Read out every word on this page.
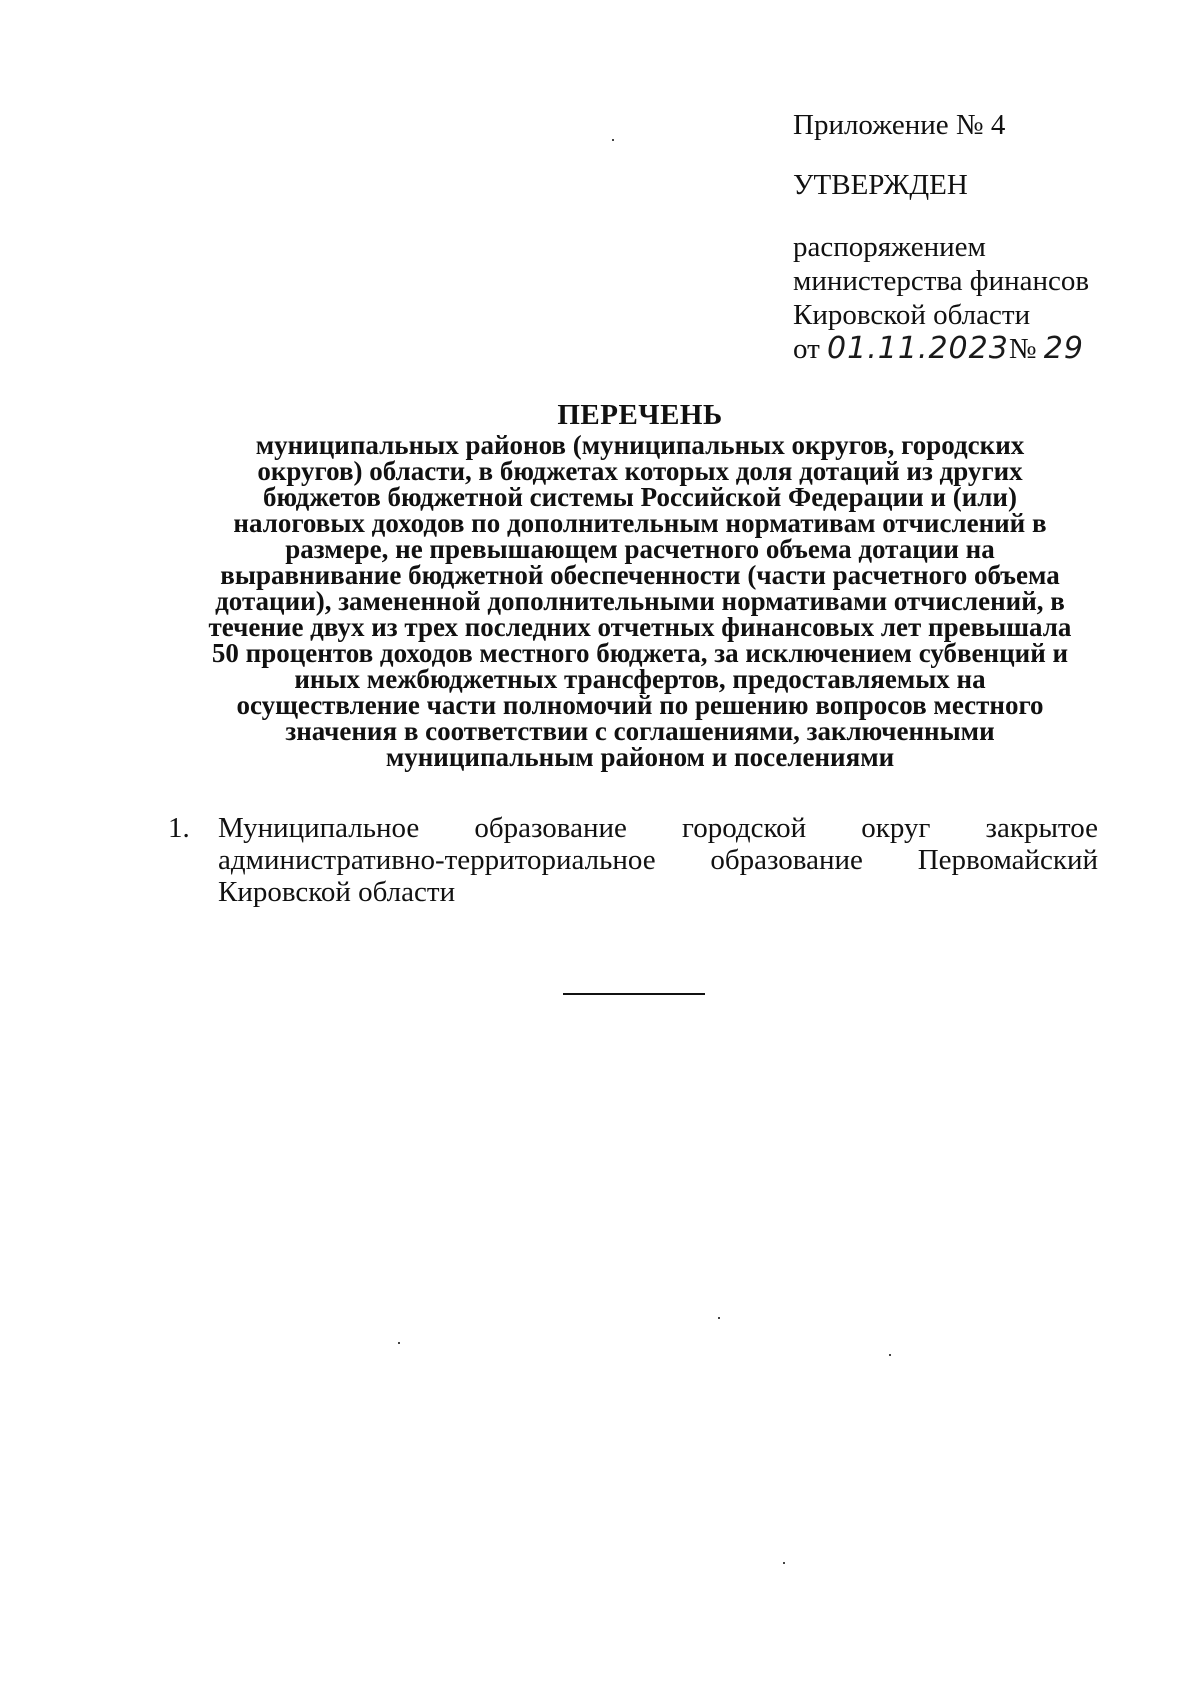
Приложение № 4
УТВЕРЖДЕН
распоряжением
министерства финансов
Кировской области
от 01.11.2023№ 29
ПЕРЕЧЕНЬ
муниципальных районов (муниципальных округов, городских
округов) области, в бюджетах которых доля дотаций из других
бюджетов бюджетной системы Российской Федерации и (или)
налоговых доходов по дополнительным нормативам отчислений в
размере, не превышающем расчетного объема дотации на
выравнивание бюджетной обеспеченности (части расчетного объема
дотации), замененной дополнительными нормативами отчислений, в
течение двух из трех последних отчетных финансовых лет превышала
50 процентов доходов местного бюджета, за исключением субвенций и
иных межбюджетных трансфертов, предоставляемых на
осуществление части полномочий по решению вопросов местного
значения в соответствии с соглашениями, заключенными
муниципальным районом и поселениями
1. Муниципальное образование городской округ закрытое
административно-территориальное образование Первомайский
Кировской области
